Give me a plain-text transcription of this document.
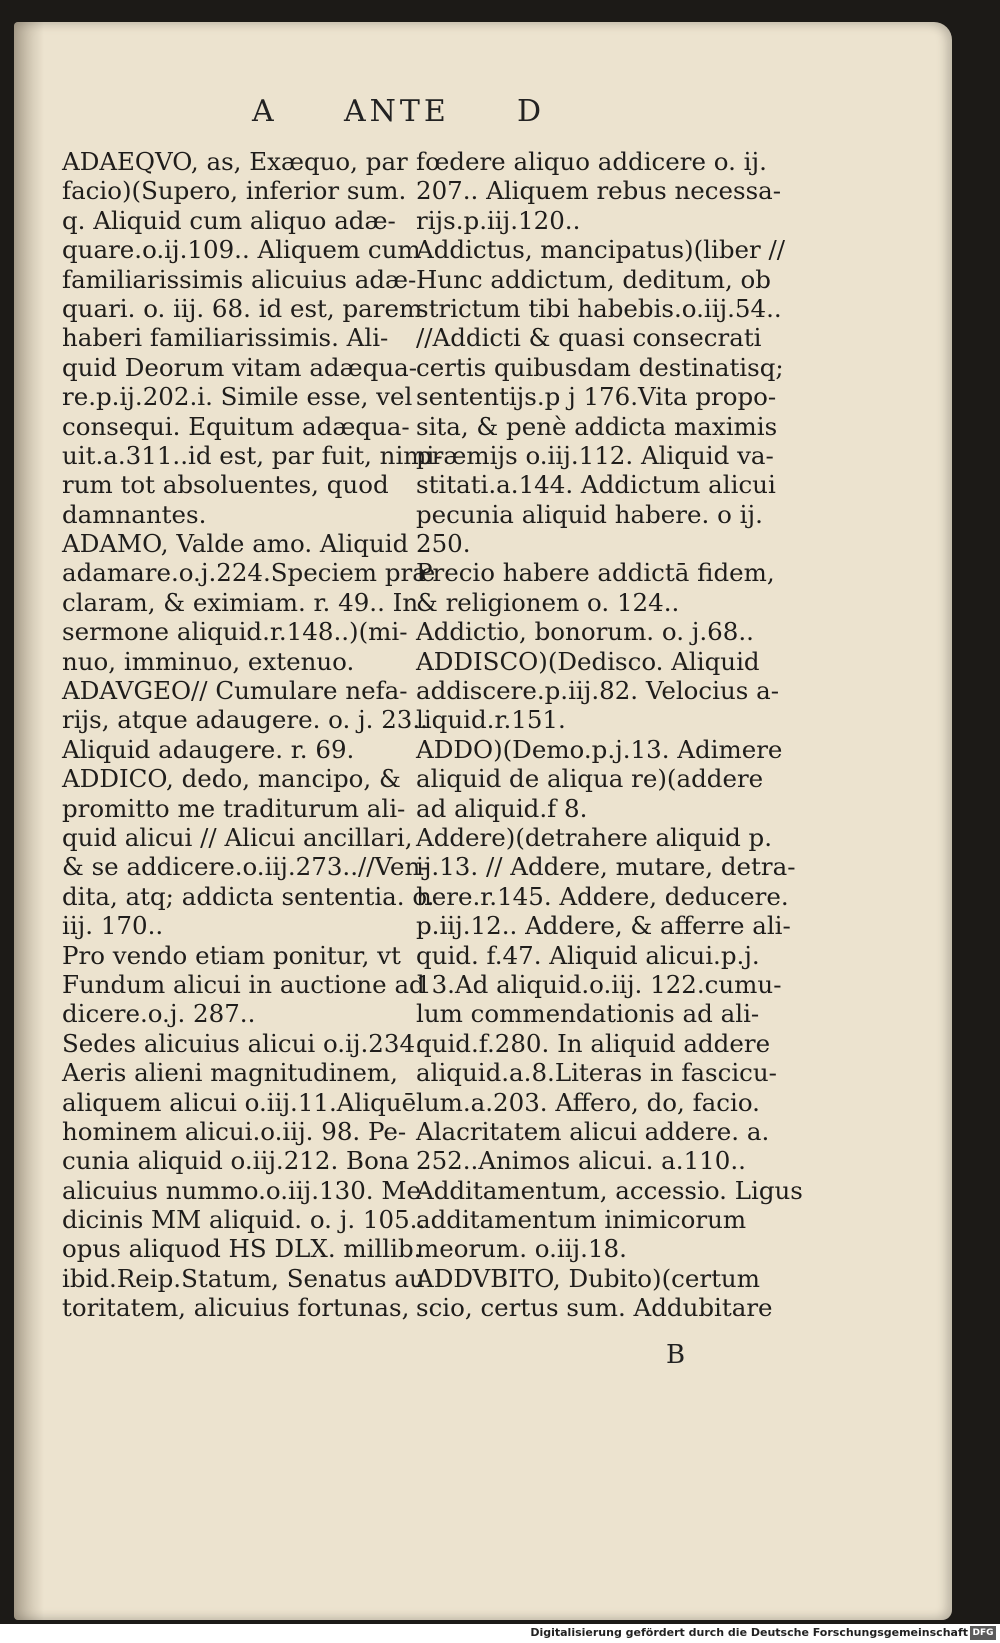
A ANTE D
ADAEQVO, as, Exæquo, par
facio)(Supero, inferior sum.
q. Aliquid cum aliquo adæ-
quare.o.ij.109.. Aliquem cum
familiarissimis alicuius adæ-
quari. o. iij. 68. id est, parem
haberi familiarissimis. Ali-
quid Deorum vitam adæqua-
re.p.ij.202.i. Simile esse, vel
consequi. Equitum adæqua-
uit.a.311..id est, par fuit, nimi-
rum tot absoluentes, quod
damnantes.
ADAMO, Valde amo. Aliquid
adamare.o.j.224.Speciem præ
claram, & eximiam. r. 49.. In
sermone aliquid.r.148..)(mi-
nuo, imminuo, extenuo.
ADAVGEO// Cumulare nefa-
rijs, atque adaugere. o. j. 23..
Aliquid adaugere. r. 69.
ADDICO, dedo, mancipo, &
promitto me traditurum ali-
quid alicui // Alicui ancillari,
& se addicere.o.iij.273..//Ven-
dita, atq; addicta sententia. o.
iij. 170..
Pro vendo etiam ponitur, vt
Fundum alicui in auctione ad
dicere.o.j. 287..
Sedes alicuius alicui o.ij.234.
Aeris alieni magnitudinem,
aliquem alicui o.iij.11.Aliquē
hominem alicui.o.iij. 98. Pe-
cunia aliquid o.iij.212. Bona
alicuius nummo.o.iij.130. Me
dicinis MM aliquid. o. j. 105..
opus aliquod HS DLX. millib.
ibid.Reip.Statum, Senatus au
toritatem, alicuius fortunas,
fœdere aliquo addicere o. ij.
207.. Aliquem rebus necessa-
rijs.p.iij.120..
Addictus, mancipatus)(liber //
Hunc addictum, deditum, ob
strictum tibi habebis.o.iij.54..
//Addicti & quasi consecrati
certis quibusdam destinatisq;
sententijs.p j 176.Vita propo-
sita, & penè addicta maximis
præmijs o.iij.112. Aliquid va-
stitati.a.144. Addictum alicui
pecunia aliquid habere. o ij.
250.
Precio habere addictā fidem,
& religionem o. 124..
Addictio, bonorum. o. j.68..
ADDISCO)(Dedisco. Aliquid
addiscere.p.iij.82. Velocius a-
liquid.r.151.
ADDO)(Demo.p.j.13. Adimere
aliquid de aliqua re)(addere
ad aliquid.f 8.
Addere)(detrahere aliquid p.
ij.13. // Addere, mutare, detra-
here.r.145. Addere, deducere.
p.iij.12.. Addere, & afferre ali-
quid. f.47. Aliquid alicui.p.j.
13.Ad aliquid.o.iij. 122.cumu-
lum commendationis ad ali-
quid.f.280. In aliquid addere
aliquid.a.8.Literas in fascicu-
lum.a.203. Affero, do, facio.
Alacritatem alicui addere. a.
252..Animos alicui. a.110..
Additamentum, accessio. Ligus
additamentum inimicorum
meorum. o.iij.18.
ADDVBITO, Dubito)(certum
scio, certus sum. Addubitare
B
Digitalisierung gefördert durch die Deutsche Forschungsgemeinschaft DFG
